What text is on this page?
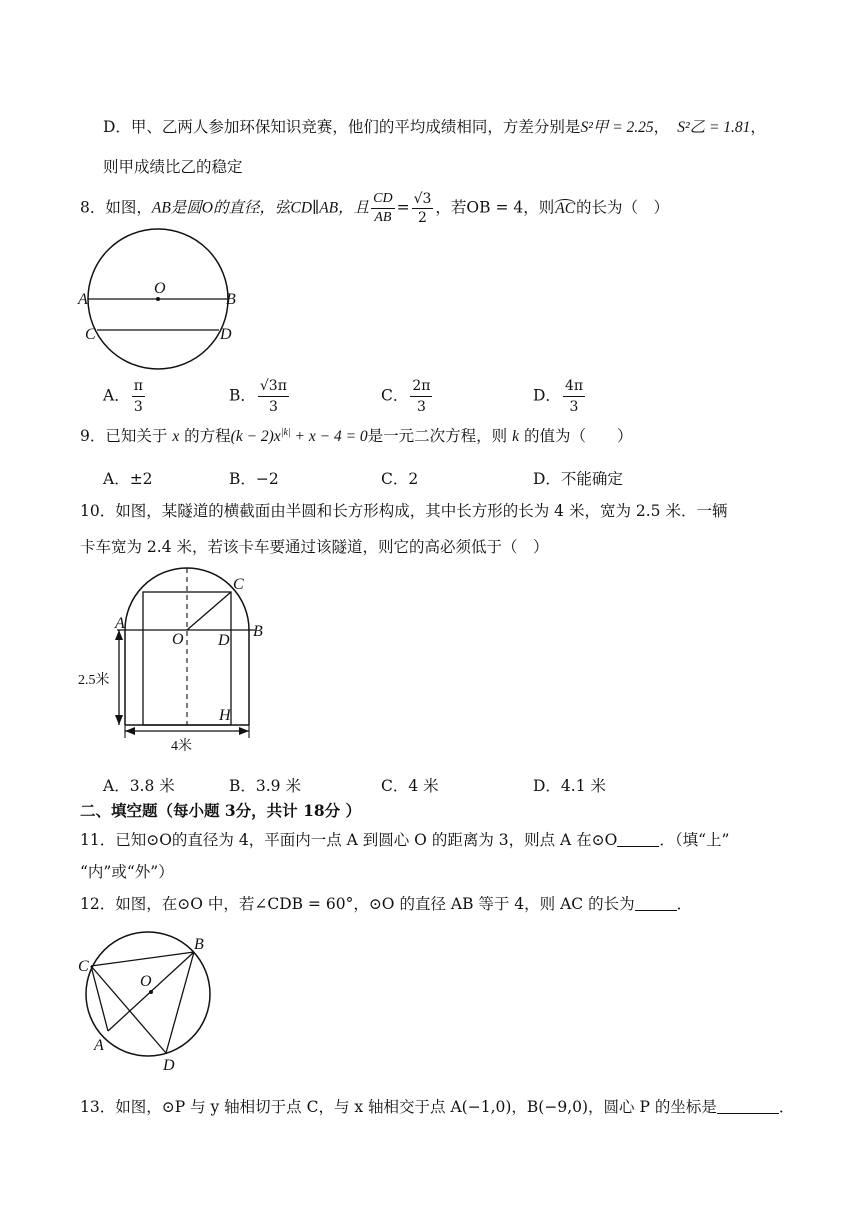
D．甲、乙两人参加环保知识竞赛，他们的平均成绩相同，方差分别是S²甲 = 2.25， S²乙 = 1.81，
则甲成绩比乙的稳定
8．如图，AB是圆O的直径，弦CD∥AB，且 $\frac{CD}{AB} = \frac{√3}{2}$ ，若OB = 4，则AC的长为（　）
O
A	B
C	D
A． $\frac{\pi}{3}$	B． $\frac{√3\pi}{3}$	C． $\frac{2\pi}{3}$	D． $\frac{4\pi}{3}$
9．已知关于 x 的方程$(k - 2)x^{|k|} + x - 4 = 0$是一元二次方程，则 k 的值为（　　）
A．±2	B．−2	C．2	D．不能确定
10．如图，某隧道的横截面由半圆和长方形构成，其中长方形的长为 4 米，宽为 2.5 米．一辆
卡车宽为 2.4 米，若该卡车要通过该隧道，则它的高必须低于（　）
A	B
C
O D
H
2.5米
4米
A．3.8 米	B．3.9 米	C．4 米	D．4.1 米
二、填空题（每小题 3分，共计 18分 ）
11．已知⊙O的直径为 4，平面内一点 A 到圆心 O 的距离为 3，则点 A 在⊙O	．（填“上”
“内”或“外”）
12．如图，在⊙O 中，若∠CDB = 60°，⊙O 的直径 AB 等于 4，则 AC 的长为	．
B
C
O
A
D
13．如图，⊙P 与 y 轴相切于点 C，与 x 轴相交于点 A(−1,0)，B(−9,0)，圆心 P 的坐标是	．
